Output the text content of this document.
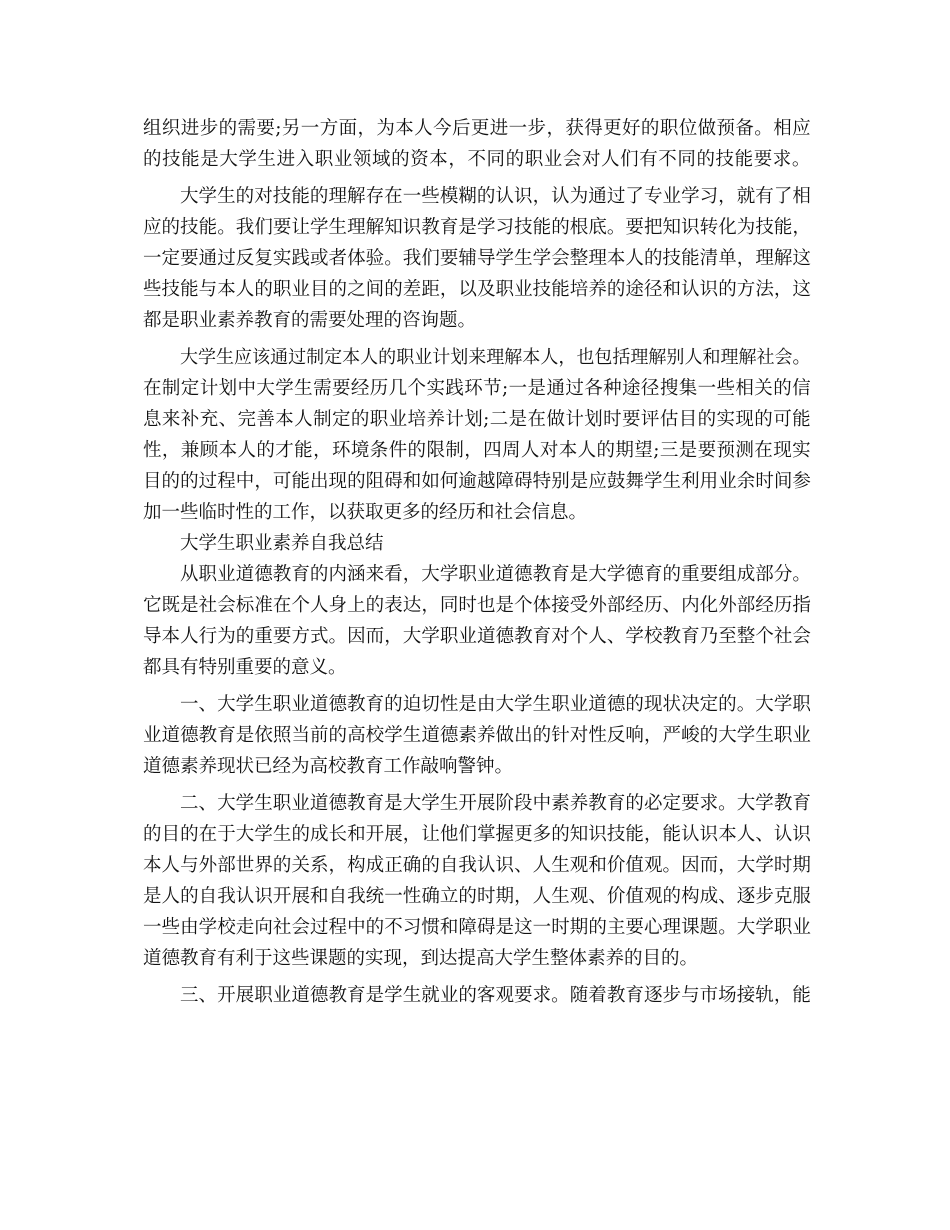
组织进步的需要;另一方面，为本人今后更进一步，获得更好的职位做预备。相应
的技能是大学生进入职业领域的资本，不同的职业会对人们有不同的技能要求。
大学生的对技能的理解存在一些模糊的认识，认为通过了专业学习，就有了相
应的技能。我们要让学生理解知识教育是学习技能的根底。要把知识转化为技能，
一定要通过反复实践或者体验。我们要辅导学生学会整理本人的技能清单，理解这
些技能与本人的职业目的之间的差距，以及职业技能培养的途径和认识的方法，这
都是职业素养教育的需要处理的咨询题。
大学生应该通过制定本人的职业计划来理解本人，也包括理解别人和理解社会。
在制定计划中大学生需要经历几个实践环节;一是通过各种途径搜集一些相关的信
息来补充、完善本人制定的职业培养计划;二是在做计划时要评估目的实现的可能
性，兼顾本人的才能，环境条件的限制，四周人对本人的期望;三是要预测在现实
目的的过程中，可能出现的阻碍和如何逾越障碍特别是应鼓舞学生利用业余时间参
加一些临时性的工作，以获取更多的经历和社会信息。
大学生职业素养自我总结
从职业道德教育的内涵来看，大学职业道德教育是大学德育的重要组成部分。
它既是社会标准在个人身上的表达，同时也是个体接受外部经历、内化外部经历指
导本人行为的重要方式。因而，大学职业道德教育对个人、学校教育乃至整个社会
都具有特别重要的意义。
一、大学生职业道德教育的迫切性是由大学生职业道德的现状决定的。大学职
业道德教育是依照当前的高校学生道德素养做出的针对性反响，严峻的大学生职业
道德素养现状已经为高校教育工作敲响警钟。
二、大学生职业道德教育是大学生开展阶段中素养教育的必定要求。大学教育
的目的在于大学生的成长和开展，让他们掌握更多的知识技能，能认识本人、认识
本人与外部世界的关系，构成正确的自我认识、人生观和价值观。因而，大学时期
是人的自我认识开展和自我统一性确立的时期，人生观、价值观的构成、逐步克服
一些由学校走向社会过程中的不习惯和障碍是这一时期的主要心理课题。大学职业
道德教育有利于这些课题的实现，到达提高大学生整体素养的目的。
三、开展职业道德教育是学生就业的客观要求。随着教育逐步与市场接轨，能
